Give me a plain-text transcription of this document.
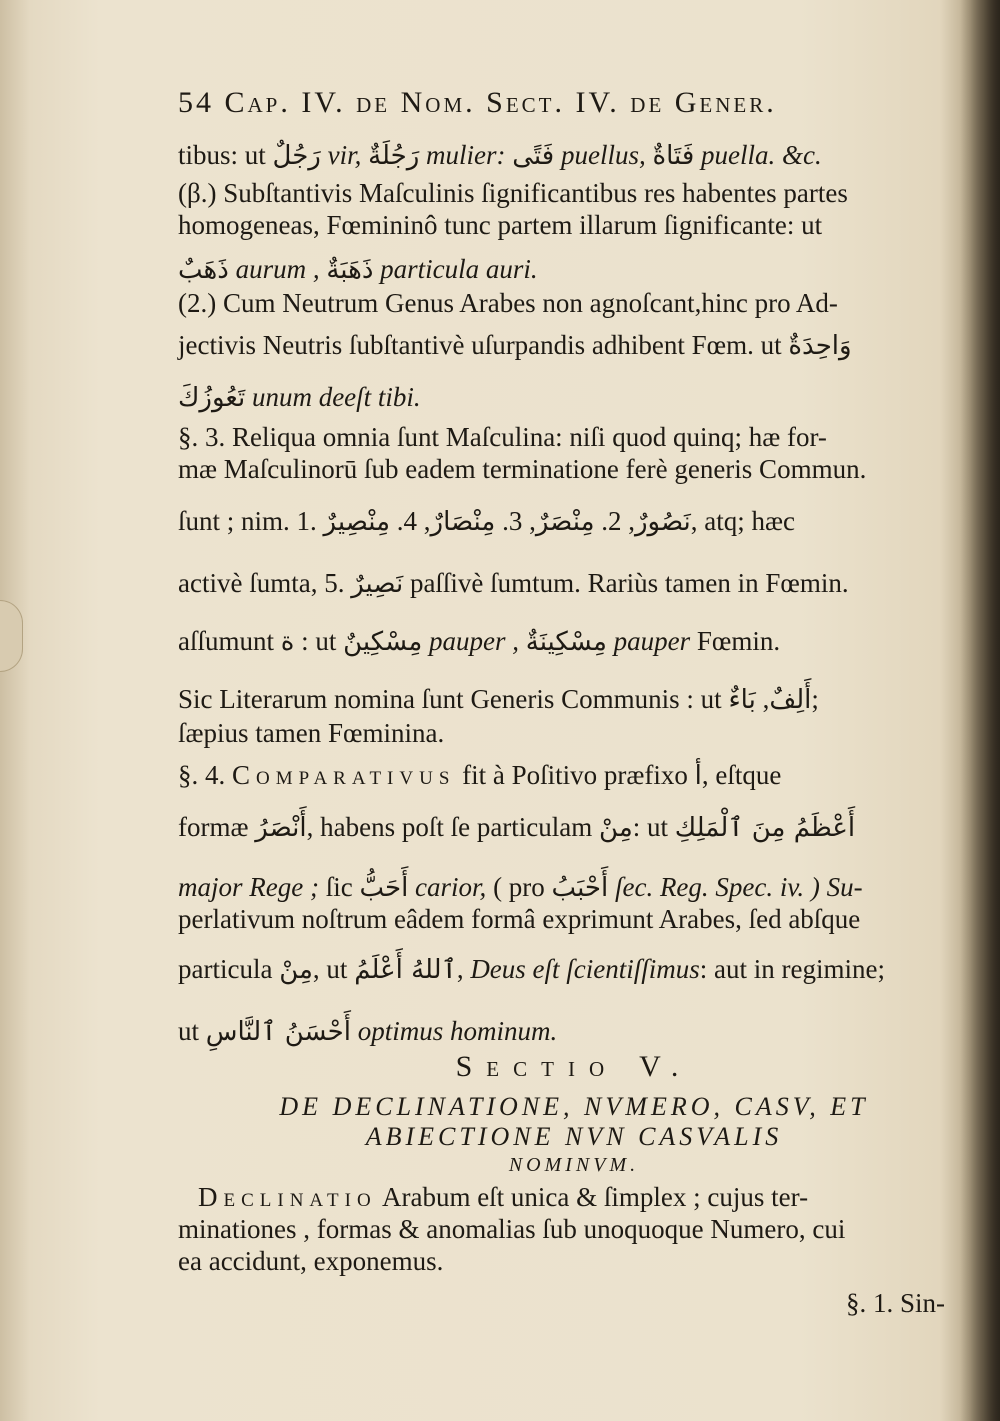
54 Cap. IV. de Nom. Sect. IV. de Gener.
tibus: ut رَجُلٌ vir, رَجُلَةٌ mulier: فَتًى puellus, فَتَاةٌ puella. &c.
(β.) Subſtantivis Maſculinis ſignificantibus res habentes partes
homogeneas, Fœmininô tunc partem illarum ſignificante: ut
ذَهَبٌ aurum , ذَهَبَةٌ particula auri.
(2.) Cum Neutrum Genus Arabes non agnoſcant,hinc pro Ad-
jectivis Neutris ſubſtantivè uſurpandis adhibent Fœm. ut وَاحِدَةٌ
تَعُوزُكَ unum deeſt tibi.
§. 3. Reliqua omnia ſunt Maſculina: niſi quod quinq; hæ for-
mæ Maſculinorū ſub eadem terminatione ferè generis Commun.
ſunt ; nim. 1.	نَصُورٌ, 2. مِنْصَرٌ, 3. مِنْصَارٌ, 4. مِنْصِيرٌ	, atq; hæc
activè ſumta, 5. نَصِيرٌ paſſivè ſumtum. Rariùs tamen in Fœmin.
aſſumunt ة : ut مِسْكِينٌ pauper , مِسْكِينَةٌ pauper Fœmin.
Sic Literarum nomina ſunt Generis Communis : ut أَلِفٌ, بَاءٌ ;
ſæpius tamen Fœminina.
§. 4. Comparativus fit à Poſitivo præfixo أ, eſtque
formæ أَنْصَرُ, habens poſt ſe particulam مِنْ: ut أَعْظَمُ مِنَ ٱلْمَلِكِ
major Rege ; ſic أَحَبُّ carior, ( pro أَحْبَبُ ſec. Reg. Spec. iv. ) Su-
perlativum noſtrum eâdem formâ exprimunt Arabes, ſed abſque
particula مِنْ, ut ٱللهُ أَعْلَمُ, Deus eſt ſcientiſſimus: aut in regimine;
ut أَحْسَنُ ٱلنَّاسِ optimus hominum.
Sectio V.
DE DECLINATIONE, NVMERO, CASV, ET
ABIECTIONE NVN CASVALIS
NOMINVM.
Declinatio Arabum eſt unica & ſimplex ; cujus ter-
minationes , formas & anomalias ſub unoquoque Numero, cui
ea accidunt, exponemus.
§. 1. Sin-
